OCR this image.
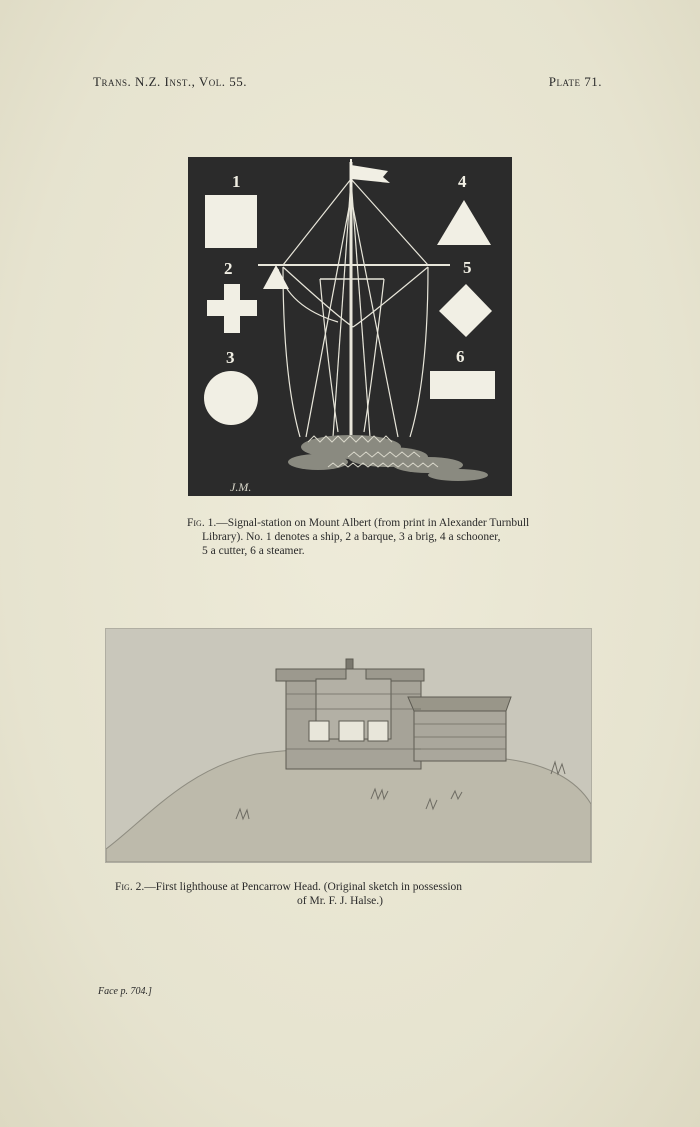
Trans. N.Z. Inst., Vol. 55.	Plate 71.
1
2
3
4
5
6
J.M.
Fig. 1.—Signal-station on Mount Albert (from print in Alexander Turnbull
Library). No. 1 denotes a ship, 2 a barque, 3 a brig, 4 a schooner,
5 a cutter, 6 a steamer.
Fig. 2.—First lighthouse at Pencarrow Head. (Original sketch in possession
of Mr. F. J. Halse.)
Face p. 704.]
